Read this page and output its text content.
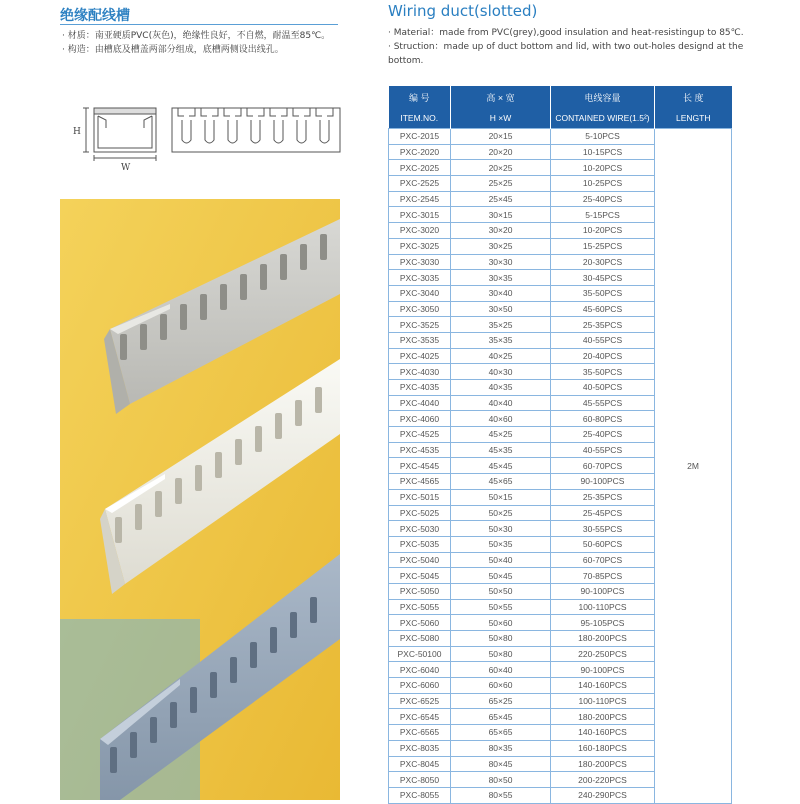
绝缘配线槽
· 材质：南亚硬质PVC(灰色)，绝缘性良好，不自燃，耐温至85℃。
· 构造：由槽底及槽盖两部分组成，底槽两侧设出线孔。
Wiring duct(slotted)
· Material：made from PVC(grey),good insulation and heat-resistingup to 85℃.
· Struction：made up of duct bottom and lid, with two out-holes designd at the bottom.
H
W
编 号	高 × 宽	电线容量	长 度
ITEM.NO.	H ×W	CONTAINED WIRE(1.5²)	LENGTH
PXC-2015	20×15	5-10PCS	2M
PXC-2020	20×20	10-15PCS	
PXC-2025	20×25	10-20PCS	
PXC-2525	25×25	10-25PCS	
PXC-2545	25×45	25-40PCS	
PXC-3015	30×15	5-15PCS	
PXC-3020	30×20	10-20PCS	
PXC-3025	30×25	15-25PCS	
PXC-3030	30×30	20-30PCS	
PXC-3035	30×35	30-45PCS	
PXC-3040	30×40	35-50PCS	
PXC-3050	30×50	45-60PCS	
PXC-3525	35×25	25-35PCS	
PXC-3535	35×35	40-55PCS	
PXC-4025	40×25	20-40PCS	
PXC-4030	40×30	35-50PCS	
PXC-4035	40×35	40-50PCS	
PXC-4040	40×40	45-55PCS	
PXC-4060	40×60	60-80PCS	
PXC-4525	45×25	25-40PCS	
PXC-4535	45×35	40-55PCS	
PXC-4545	45×45	60-70PCS	
PXC-4565	45×65	90-100PCS	
PXC-5015	50×15	25-35PCS	
PXC-5025	50×25	25-45PCS	
PXC-5030	50×30	30-55PCS	
PXC-5035	50×35	50-60PCS	
PXC-5040	50×40	60-70PCS	
PXC-5045	50×45	70-85PCS	
PXC-5050	50×50	90-100PCS	
PXC-5055	50×55	100-110PCS	
PXC-5060	50×60	95-105PCS	
PXC-5080	50×80	180-200PCS	
PXC-50100	50×80	220-250PCS	
PXC-6040	60×40	90-100PCS	
PXC-6060	60×60	140-160PCS	
PXC-6525	65×25	100-110PCS	
PXC-6545	65×45	180-200PCS	
PXC-6565	65×65	140-160PCS	
PXC-8035	80×35	160-180PCS	
PXC-8045	80×45	180-200PCS	
PXC-8050	80×50	200-220PCS	
PXC-8055	80×55	240-290PCS	
